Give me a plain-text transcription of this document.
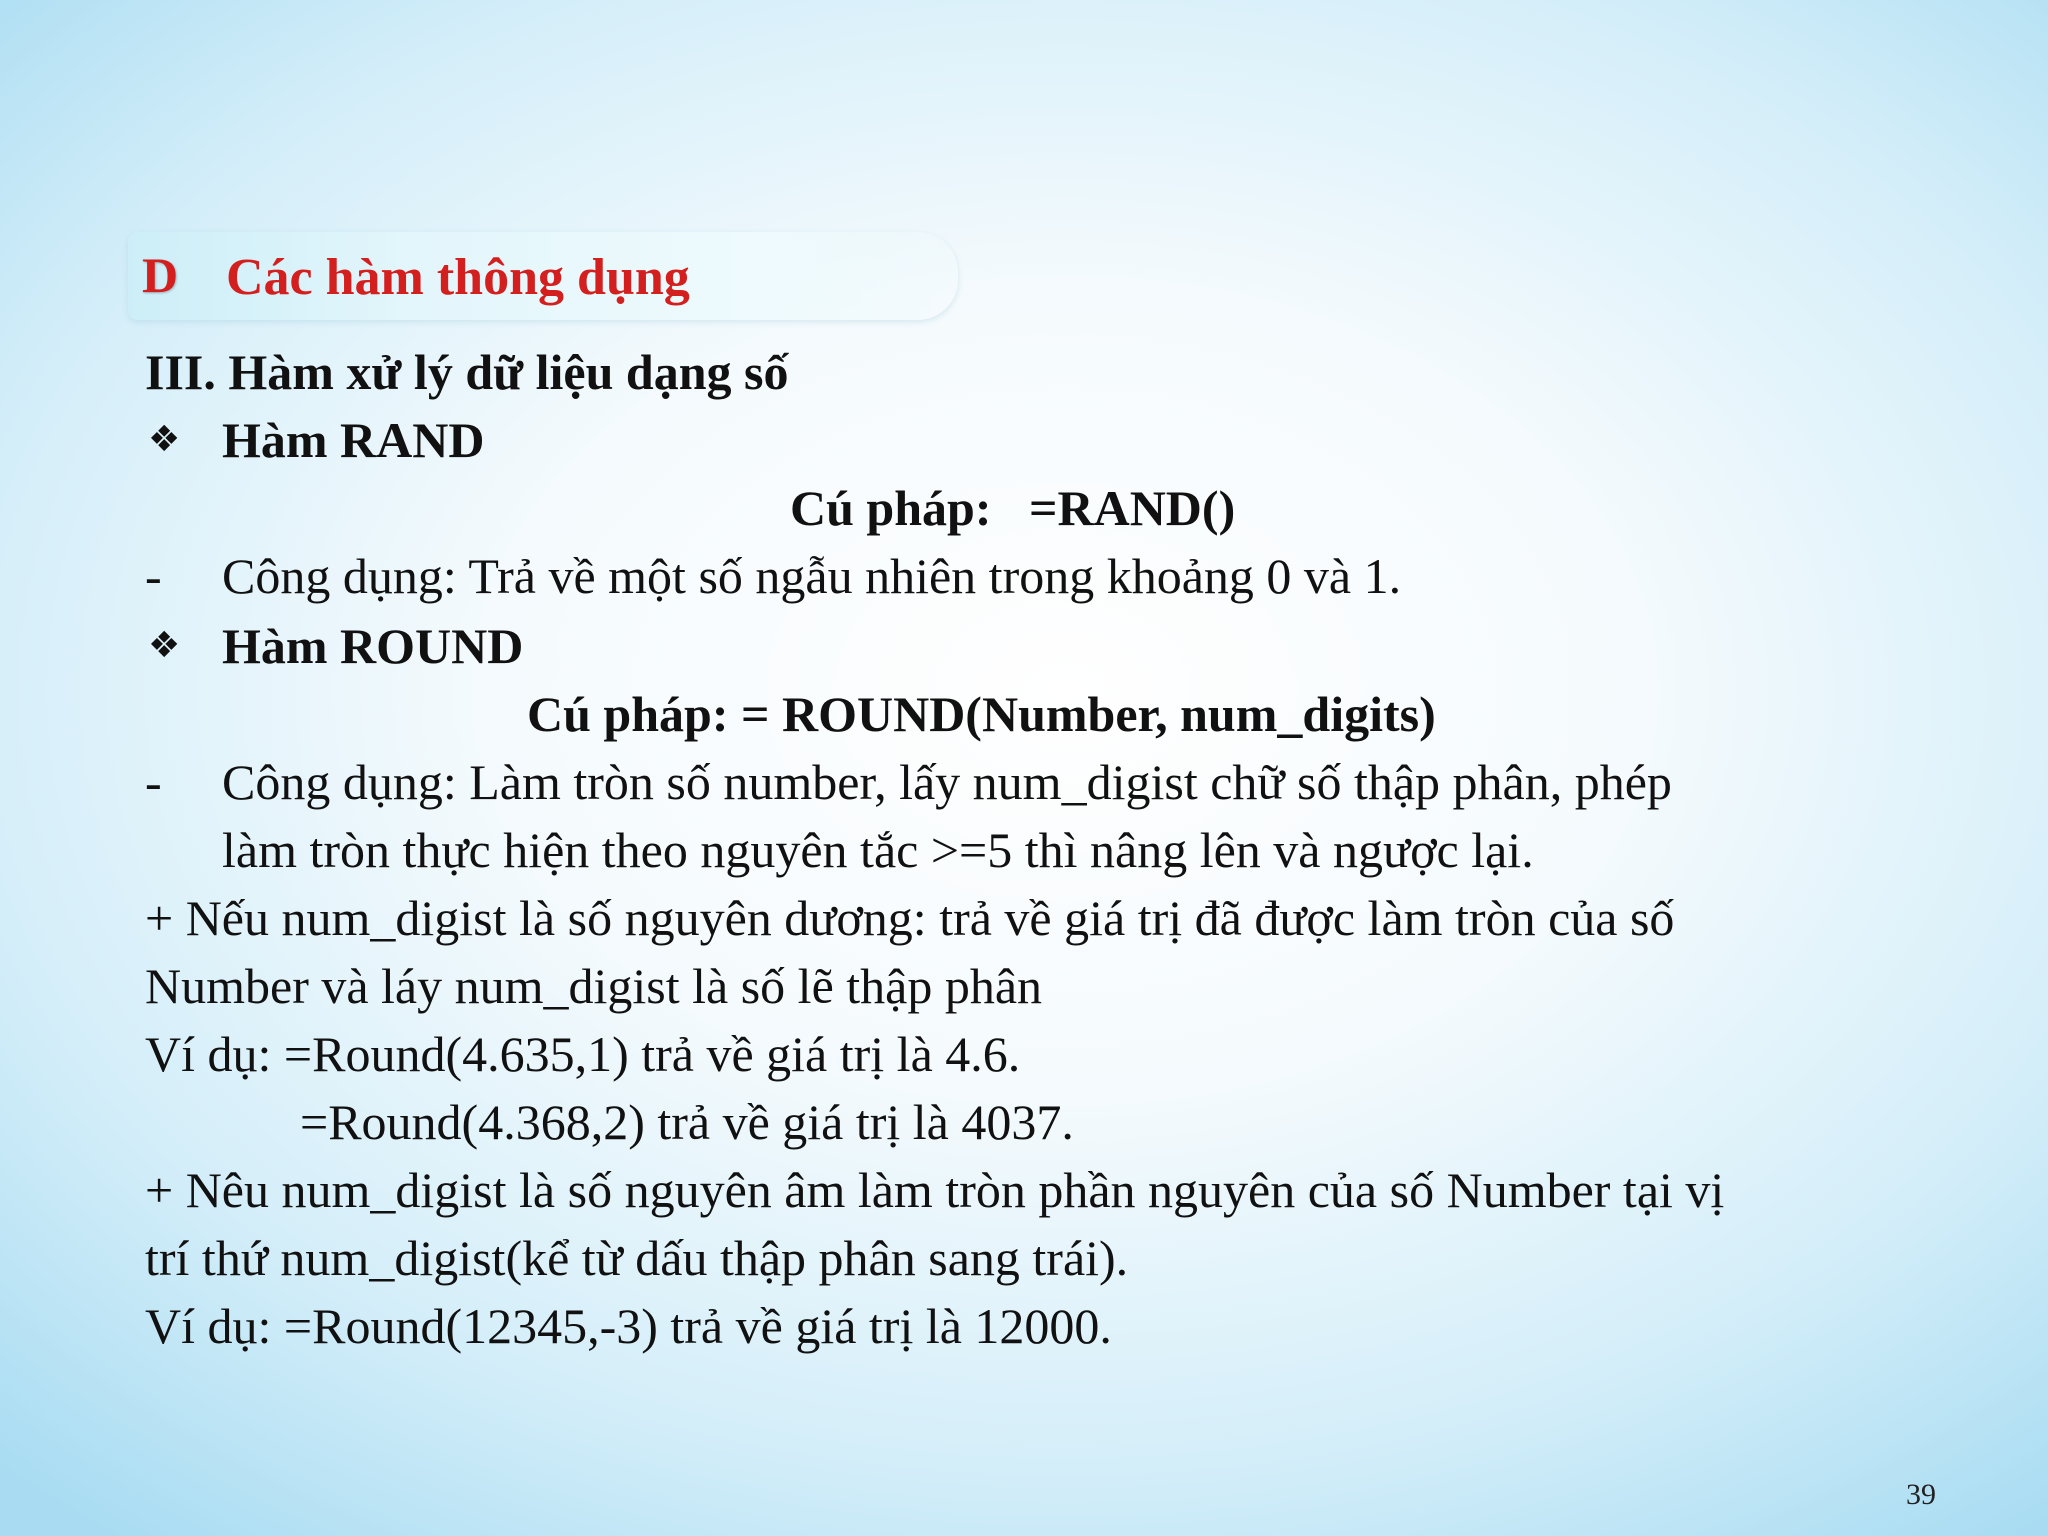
D Các hàm thông dụng
III. Hàm xử lý dữ liệu dạng số
❖ Hàm RAND
Cú pháp:   =RAND()
- Công dụng: Trả về một số ngẫu nhiên trong khoảng 0 và 1.
❖ Hàm ROUND
Cú pháp: = ROUND(Number, num_digits)
- Công dụng: Làm tròn số number, lấy num_digist chữ số thập phân, phép
làm tròn thực hiện theo nguyên tắc >=5 thì nâng lên và ngược lại.
+ Nếu num_digist là số nguyên dương: trả về giá trị đã được làm tròn của số
Number và láy num_digist là số lẽ thập phân
Ví dụ: =Round(4.635,1) trả về giá trị là 4.6.
=Round(4.368,2) trả về giá trị là 4037.
+ Nêu num_digist là số nguyên âm làm tròn phần nguyên của số Number tại vị
trí thứ num_digist(kể từ dấu thập phân sang trái).
Ví dụ: =Round(12345,-3) trả về giá trị là 12000.
39
